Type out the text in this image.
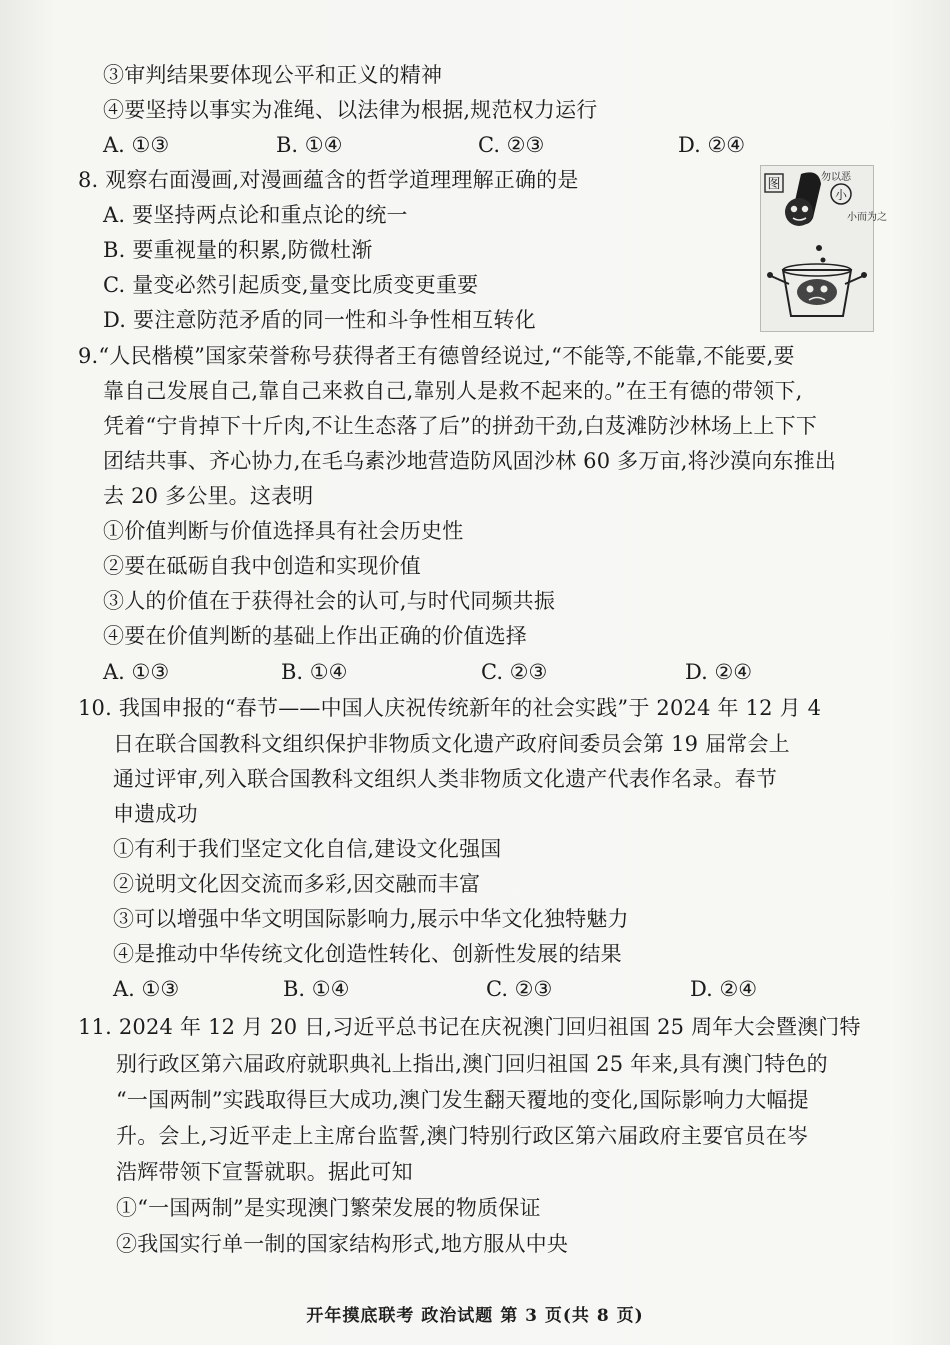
③审判结果要体现公平和正义的精神
④要坚持以事实为准绳、以法律为根据,规范权力运行
A. ①③	B. ①④	C. ②③	D. ②④
8. 观察右面漫画,对漫画蕴含的哲学道理理解正确的是
A. 要坚持两点论和重点论的统一
B. 要重视量的积累,防微杜渐
C. 量变必然引起质变,量变比质变更重要
D. 要注意防范矛盾的同一性和斗争性相互转化
图	勿以恶
小
小而为之
9.“人民楷模”国家荣誉称号获得者王有德曾经说过,“不能等,不能靠,不能要,要
靠自己发展自己,靠自己来救自己,靠别人是救不起来的。”在王有德的带领下,
凭着“宁肯掉下十斤肉,不让生态落了后”的拼劲干劲,白芨滩防沙林场上上下下
团结共事、齐心协力,在毛乌素沙地营造防风固沙林 60 多万亩,将沙漠向东推出
去 20 多公里。这表明
①价值判断与价值选择具有社会历史性
②要在砥砺自我中创造和实现价值
③人的价值在于获得社会的认可,与时代同频共振
④要在价值判断的基础上作出正确的价值选择
A. ①③	B. ①④	C. ②③	D. ②④
10. 我国申报的“春节——中国人庆祝传统新年的社会实践”于 2024 年 12 月 4
日在联合国教科文组织保护非物质文化遗产政府间委员会第 19 届常会上
通过评审,列入联合国教科文组织人类非物质文化遗产代表作名录。春节
申遗成功
①有利于我们坚定文化自信,建设文化强国
②说明文化因交流而多彩,因交融而丰富
③可以增强中华文明国际影响力,展示中华文化独特魅力
④是推动中华传统文化创造性转化、创新性发展的结果
A. ①③	B. ①④	C. ②③	D. ②④
11. 2024 年 12 月 20 日,习近平总书记在庆祝澳门回归祖国 25 周年大会暨澳门特
别行政区第六届政府就职典礼上指出,澳门回归祖国 25 年来,具有澳门特色的
“一国两制”实践取得巨大成功,澳门发生翻天覆地的变化,国际影响力大幅提
升。会上,习近平走上主席台监誓,澳门特别行政区第六届政府主要官员在岑
浩辉带领下宣誓就职。据此可知
①“一国两制”是实现澳门繁荣发展的物质保证
②我国实行单一制的国家结构形式,地方服从中央
开年摸底联考 政治试题 第 3 页(共 8 页)
